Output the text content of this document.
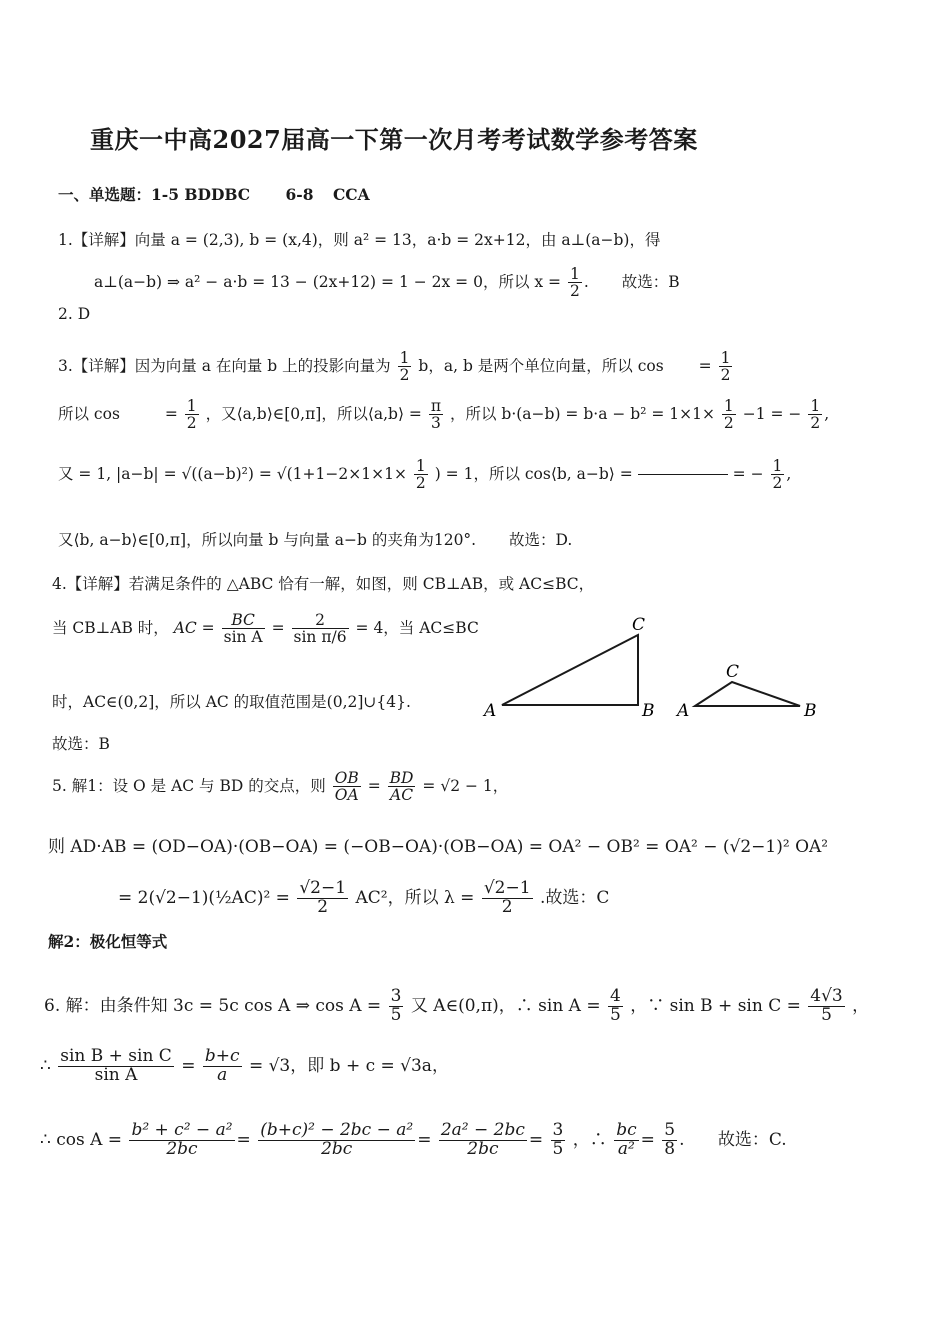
重庆一中高2027届高一下第一次月考考试数学参考答案
一、单选题：1-5 BDDBC 6-8 CCA
1.【详解】向量 a = (2,3), b = (x,4)，则 a² = 13，a·b = 2x+12，由 a⊥(a−b)，得
a⊥(a−b) ⇒ a² − a·b = 13 − (2x+12) = 1 − 2x = 0，所以 $x = \frac{1}{2}$ . 故选：B
2. D
3.【详解】因为向量 a 在向量 b 上的投影向量为 $\frac{1}{2}$ b，a, b 是两个单位向量，所以 $\cos = \frac{1}{2}$
所以 cos	= $\frac{1}{2}$ ，又⟨a,b⟩∈[0,π]，所以⟨a,b⟩ = $\frac{\pi}{3}$ ，所以 $b\cdot(a-b) = b\cdot a - b^2 = 1\times 1\times \frac{1}{2} -1$ = − $\frac{1}{2}$ ,
又 = 1, $|a-b| = √((a-b)^2) = √(1+1-2\times 1\times 1\times \frac{1}{2}$ ) = 1，所以 cos⟨b, a−b⟩ =	= − $\frac{1}{2}$ ,
又⟨b, a−b⟩∈[0,π]，所以向量 b 与向量 a−b 的夹角为120°. 故选：D.
4.【详解】若满足条件的 △ABC 恰有一解，如图，则 CB⊥AB，或 AC≤BC，
当 CB⊥AB 时， AC = $\frac{BC}{\text{sin A}} = \frac{2}{\text{sin π/6}} = 4$，当 AC≤BC
时，AC∈(0,2]，所以 AC 的取值范围是(0,2]∪{4}.
故选：B
A	B
C
A	B
C
5. 解1：设 O 是 AC 与 BD 的交点，则 $\frac{OB}{OA} = \frac{BD}{AC} = √2 - 1$，
则 AD·AB = (OD−OA)·(OB−OA) = (−OB−OA)·(OB−OA) = OA² − OB² = OA² − (√2−1)² OA²
= 2(√2−1)(½AC)² = $\frac{√2-1}{2} AC^2$，所以 $\lambda = \frac{√2-1}{2}$ .故选：C
解2：极化恒等式
6. 解：由条件知 3c = 5c cos A ⇒ $\cos A = \frac{3}{5}$ 又 A∈(0,π)，∴ $\sin A = \frac{4}{5}$ ，∵ $\sin B + \sin C = \frac{4√3}{5}$ ，
∴ $\frac{\text{sin B + sin C}}{\text{sin A}} = \frac{b+c}{a} = √3$，即 b + c = √3a，
∴ $\cos A = \frac{\text{b² + c² − a²}}{2bc} = \frac{\text{(b+c)² − 2bc − a²}}{2bc} = \frac{\text{2a² − 2bc}}{2bc} = \frac{3}{5}$ ，∴ $\frac{bc}{\text{a²}} = \frac{5}{8}$ . 故选：C.
